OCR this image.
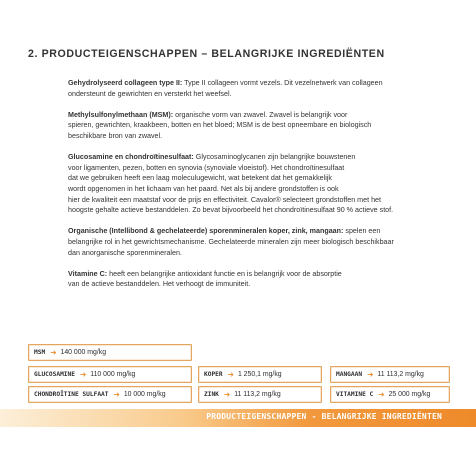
2. PRODUCTEIGENSCHAPPEN – BELANGRIJKE INGREDIËNTEN

Gehydrolyseerd collageen type II: Type II collageen vormt vezels. Dit vezelnetwerk van collageen
ondersteunt de gewrichten en versterkt het weefsel.

Methylsulfonylmethaan (MSM): organische vorm van zwavel. Zwavel is belangrijk voor
spieren, gewrichten, kraakbeen, botten en het bloed; MSM is de best opneembare en biologisch
beschikbare bron van zwavel.

Glucosamine en chondroïtinesulfaat: Glycosaminoglycanen zijn belangrijke bouwstenen
voor ligamenten, pezen, botten en synovia (synoviale vloeistof). Het chondroïtinesulfaat
dat we gebruiken heeft een laag moleculugewicht, wat betekent dat het gemakkelijk
wordt opgenomen in het lichaam van het paard. Net als bij andere grondstoffen is ook
hier de kwaliteit een maatstaf voor de prijs en effectiviteit. Cavalor® selecteert grondstoffen met het
hoogste gehalte actieve bestanddelen. Zo bevat bijvoorbeeld het chondroïtinesulfaat 90 % actieve stof.

Organische (Intellibond & gechelateerde) sporenmineralen koper, zink, mangaan: spelen een
belangrijke rol in het gewrichtsmechanisme. Gechelateerde mineralen zijn meer biologisch beschikbaar
dan anorganische sporenmineralen.

Vitamine C: heeft een belangrijke antioxidant functie en is belangrijk voor de absorptie
van de actieve bestanddelen. Het verhoogt de immuniteit.

MSM ➔ 140 000 mg/kg
GLUCOSAMINE ➔ 110 000 mg/kg
CHONDROÏTINE SULFAAT ➔ 10 000 mg/kg
KOPER ➔ 1 250,1 mg/kg
ZINK ➔ 11 113,2 mg/kg
MANGAAN ➔ 11 113,2 mg/kg
VITAMINE C ➔ 25 000 mg/kg
PRODUCTEIGENSCHAPPEN - BELANGRIJKE INGREDIËNTEN
